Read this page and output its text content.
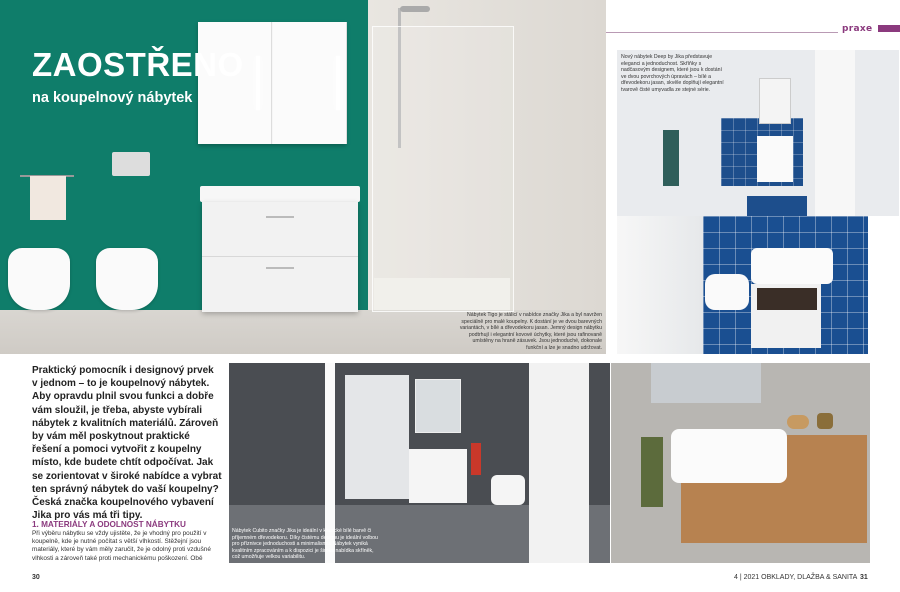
Nábytek Tigo je stálicí v nabídce značky Jika a byl navržen speciálně pro malé koupelny. K dostání je ve dvou barevných variantách, v bílé a dřevodekoru jasan. Jemný design nábytku podtrhují i elegantní kovové úchytky, které jsou rafinovaně umístěny na hraně zásuvek. Jsou jednoduché, dokonale funkční a lze je snadno udržovat.
ZAOSTŘENO
na koupelnový nábytek
praxe
Nový nábytek Deep by Jika představuje eleganci a jednoduchost. Skříňky s nadčasovým designem, které jsou k dostání ve dvou povrchových úpravách – bílé a dřevodekoru jasan, skvěle doplňují elegantní tvarově čisté umyvadla ze stejné série.
Praktický pomocník i designový prvek v jednom – to je koupelnový nábytek. Aby opravdu plnil svou funkci a dobře vám sloužil, je třeba, abyste vybírali nábytek z kvalitních materiálů. Zároveň by vám měl poskytnout praktické řešení a pomoci vytvořit z koupelny místo, kde budete chtít odpočívat. Jak se zorientovat v široké nabídce a vybrat ten správný nábytek do vaší koupelny? Česká značka koupelnového vybavení Jika pro vás má tři tipy.
1. MATERIÁLY A ODOLNOST NÁBYTKU
Při výběru nábytku se vždy ujistěte, že je vhodný pro použití v koupelně, kde je nutné počítat s větší vlhkostí. Stěžejní jsou materiály, které by vám měly zaručit, že je odolný proti vzdušné vlhkosti a zároveň také proti mechanickému poškození. Obě
Nábytek Cubito značky Jika je ideální v klasické bílé barvě či příjemném dřevodekoru. Díky čistému designu je ideální volbou pro příznivce jednoduchosti a minimalismu. Nábytek vyniká kvalitním zpracováním a k dispozici je široká nabídka skříněk, což umožňuje velkou variabilitu.
30	4 | 2021 OBKLADY, DLAŽBA & SANITA 31
